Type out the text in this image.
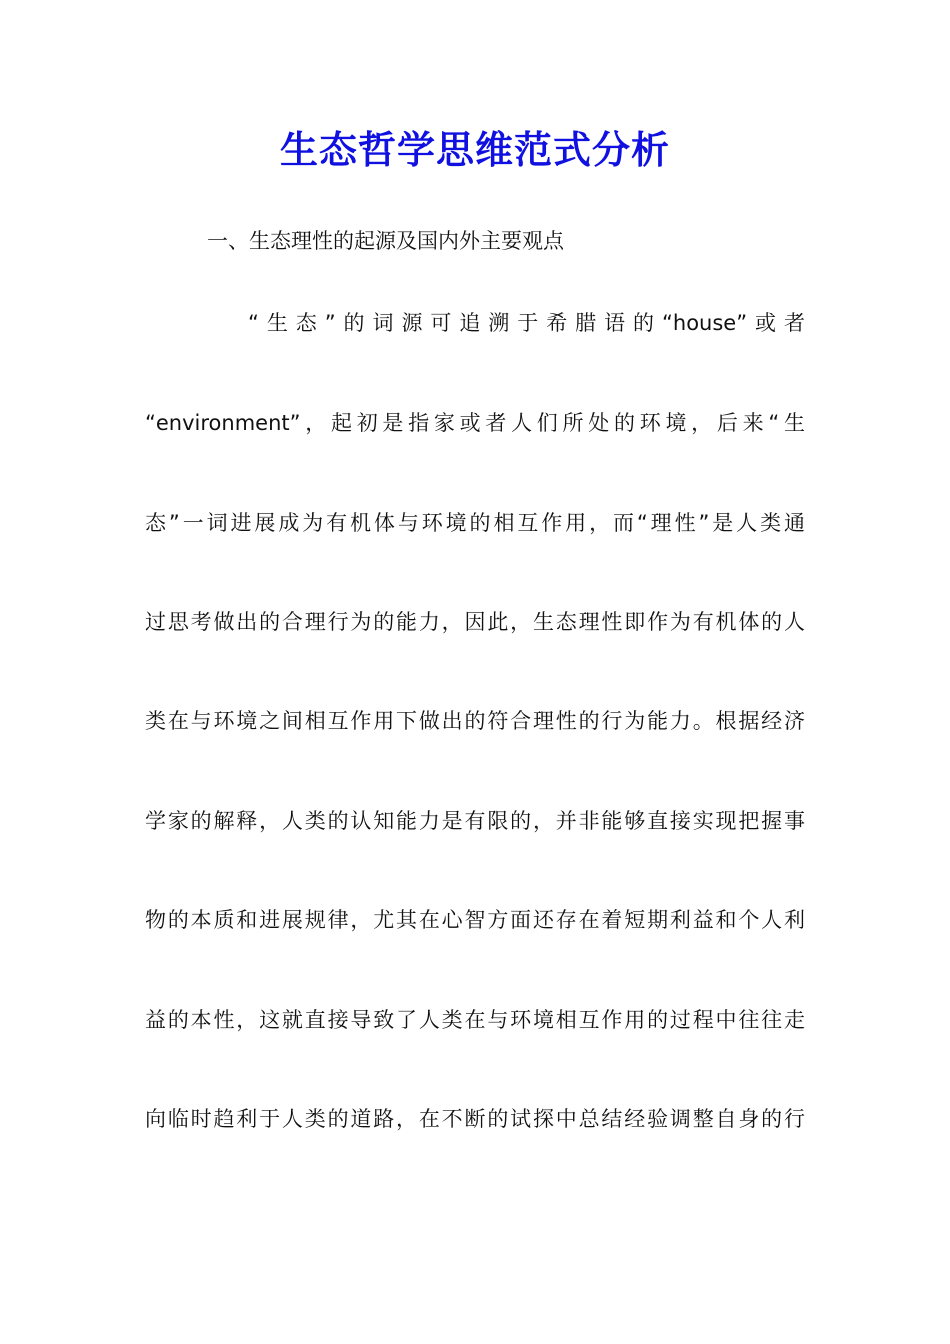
生态哲学思维范式分析
一、生态理性的起源及国内外主要观点
“生态”的词源可追溯于希腊语的“house”或者
“environment”，起初是指家或者人们所处的环境，后来“生
态”一词进展成为有机体与环境的相互作用，而“理性”是人类通
过思考做出的合理行为的能力，因此，生态理性即作为有机体的人
类在与环境之间相互作用下做出的符合理性的行为能力。根据经济
学家的解释，人类的认知能力是有限的，并非能够直接实现把握事
物的本质和进展规律，尤其在心智方面还存在着短期利益和个人利
益的本性，这就直接导致了人类在与环境相互作用的过程中往往走
向临时趋利于人类的道路，在不断的试探中总结经验调整自身的行
